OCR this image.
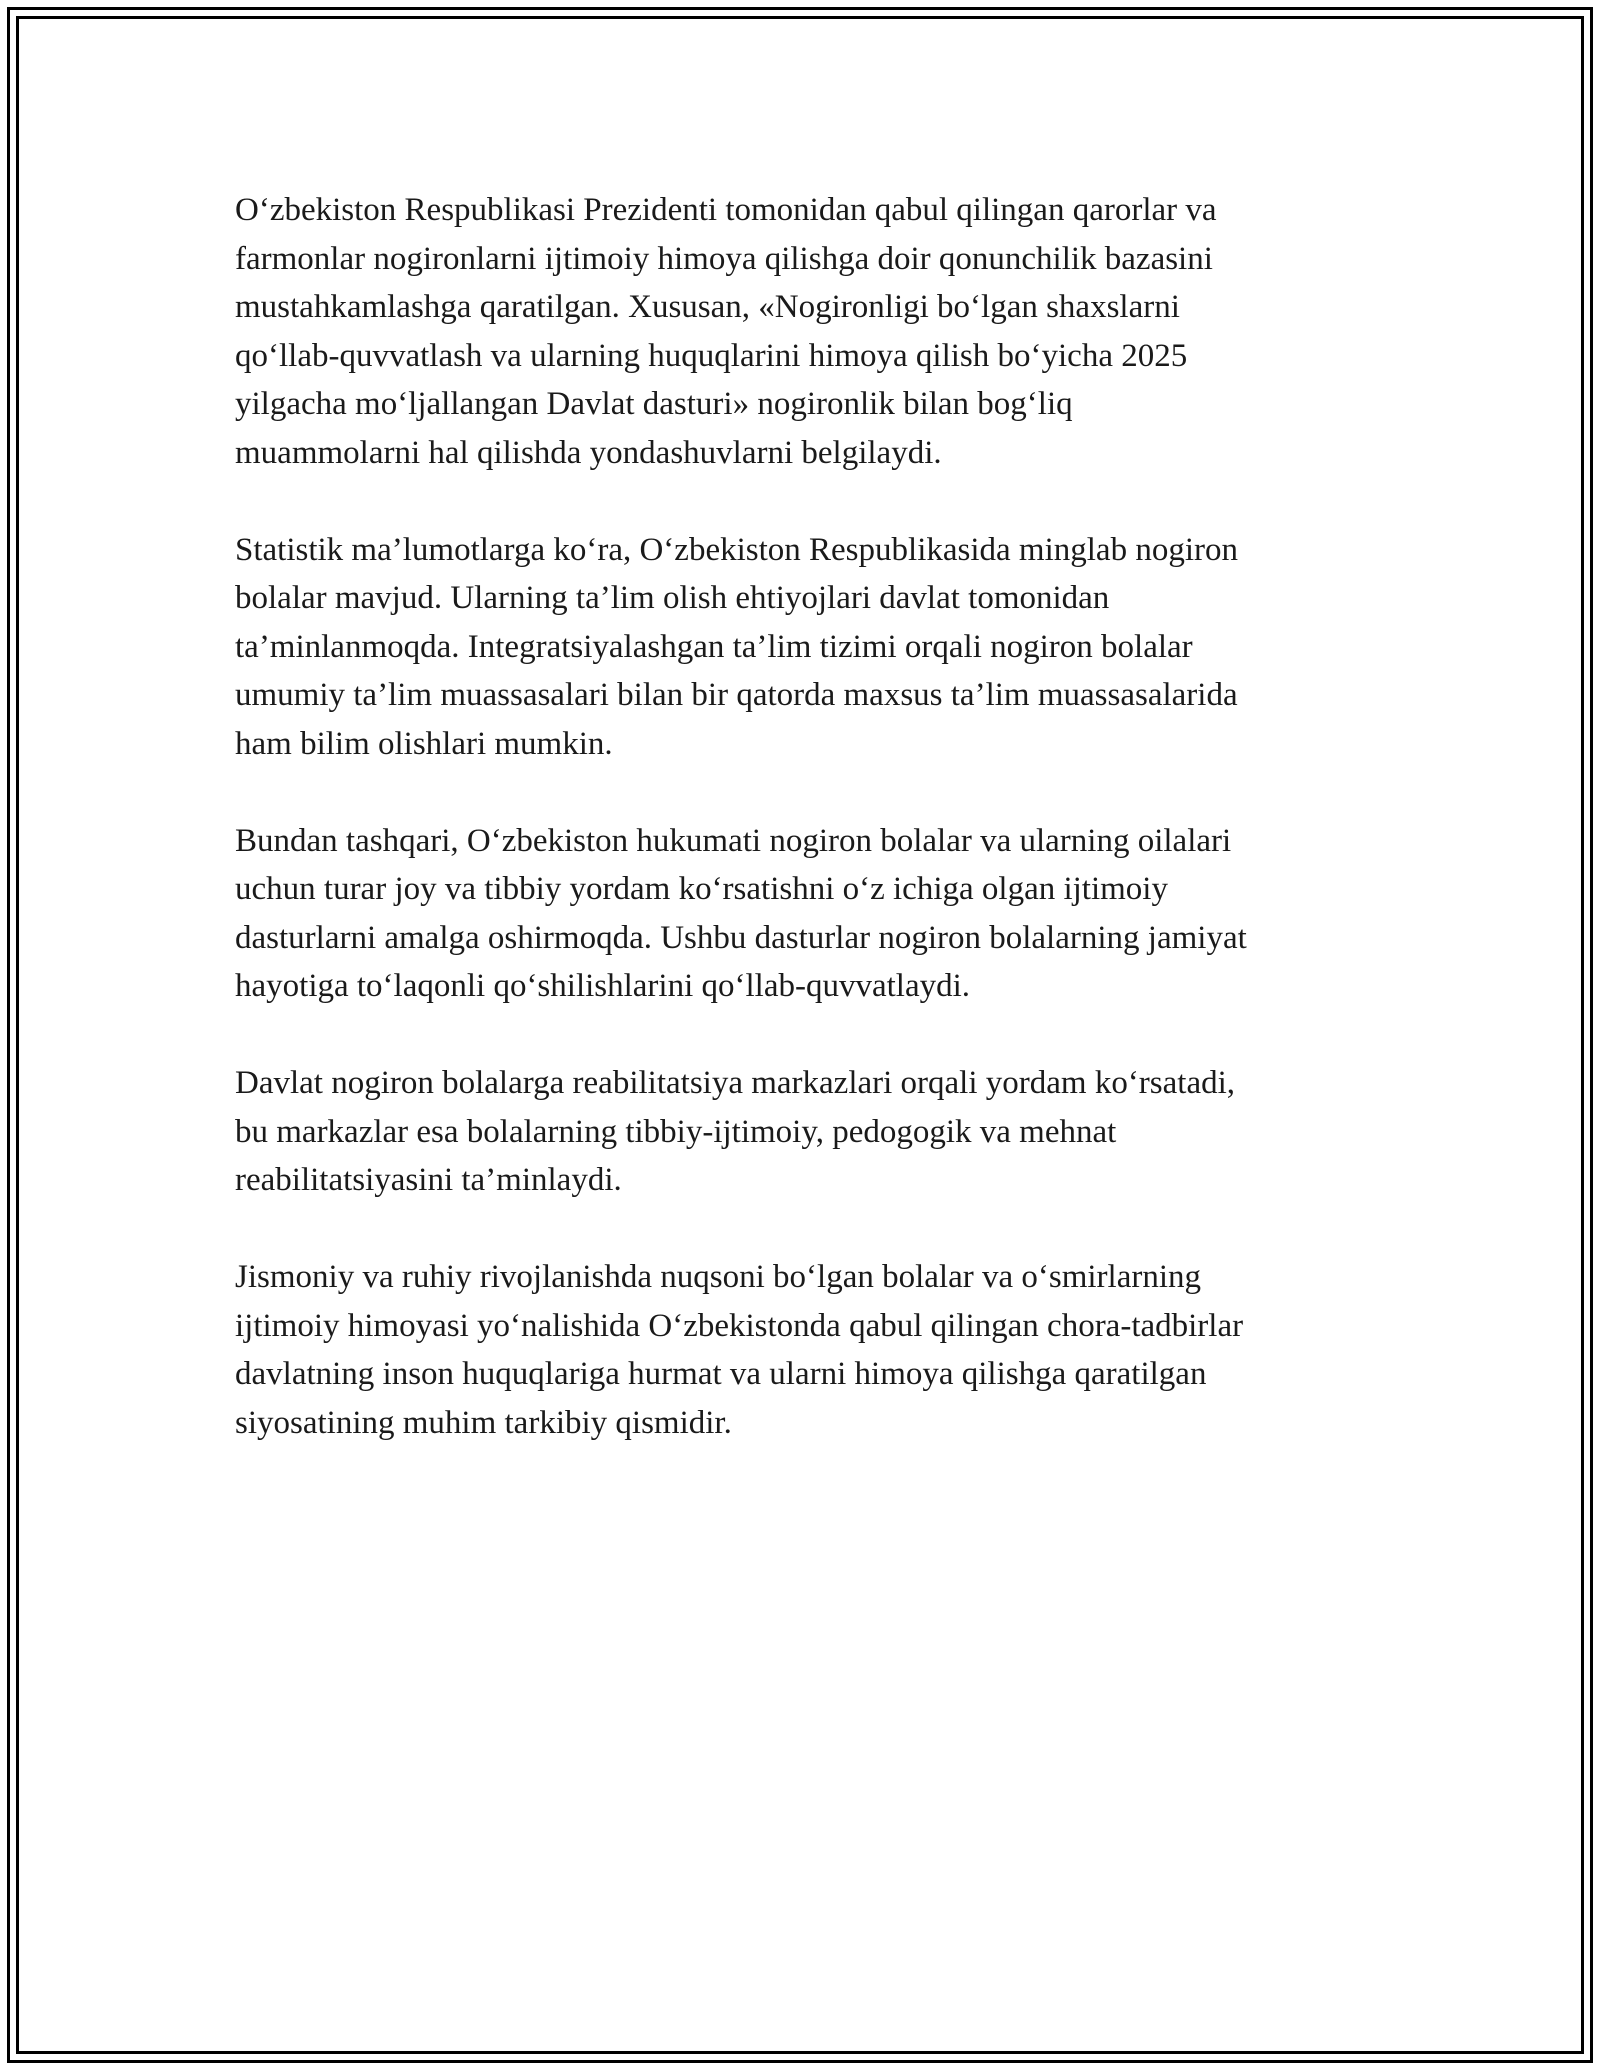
O‘zbekiston Respublikasi Prezidenti tomonidan qabul qilingan qarorlar va
farmonlar nogironlarni ijtimoiy himoya qilishga doir qonunchilik bazasini
mustahkamlashga qaratilgan. Xususan, «Nogironligi bo‘lgan shaxslarni
qo‘llab-quvvatlash va ularning huquqlarini himoya qilish bo‘yicha 2025
yilgacha mo‘ljallangan Davlat dasturi» nogironlik bilan bog‘liq
muammolarni hal qilishda yondashuvlarni belgilaydi.

Statistik ma’lumotlarga ko‘ra, O‘zbekiston Respublikasida minglab nogiron
bolalar mavjud. Ularning ta’lim olish ehtiyojlari davlat tomonidan
ta’minlanmoqda. Integratsiyalashgan ta’lim tizimi orqali nogiron bolalar
umumiy ta’lim muassasalari bilan bir qatorda maxsus ta’lim muassasalarida
ham bilim olishlari mumkin.

Bundan tashqari, O‘zbekiston hukumati nogiron bolalar va ularning oilalari
uchun turar joy va tibbiy yordam ko‘rsatishni o‘z ichiga olgan ijtimoiy
dasturlarni amalga oshirmoqda. Ushbu dasturlar nogiron bolalarning jamiyat
hayotiga to‘laqonli qo‘shilishlarini qo‘llab-quvvatlaydi.

Davlat nogiron bolalarga reabilitatsiya markazlari orqali yordam ko‘rsatadi,
bu markazlar esa bolalarning tibbiy-ijtimoiy, pedogogik va mehnat
reabilitatsiyasini ta’minlaydi.

Jismoniy va ruhiy rivojlanishda nuqsoni bo‘lgan bolalar va o‘smirlarning
ijtimoiy himoyasi yo‘nalishida O‘zbekistonda qabul qilingan chora-tadbirlar
davlatning inson huquqlariga hurmat va ularni himoya qilishga qaratilgan
siyosatining muhim tarkibiy qismidir.
